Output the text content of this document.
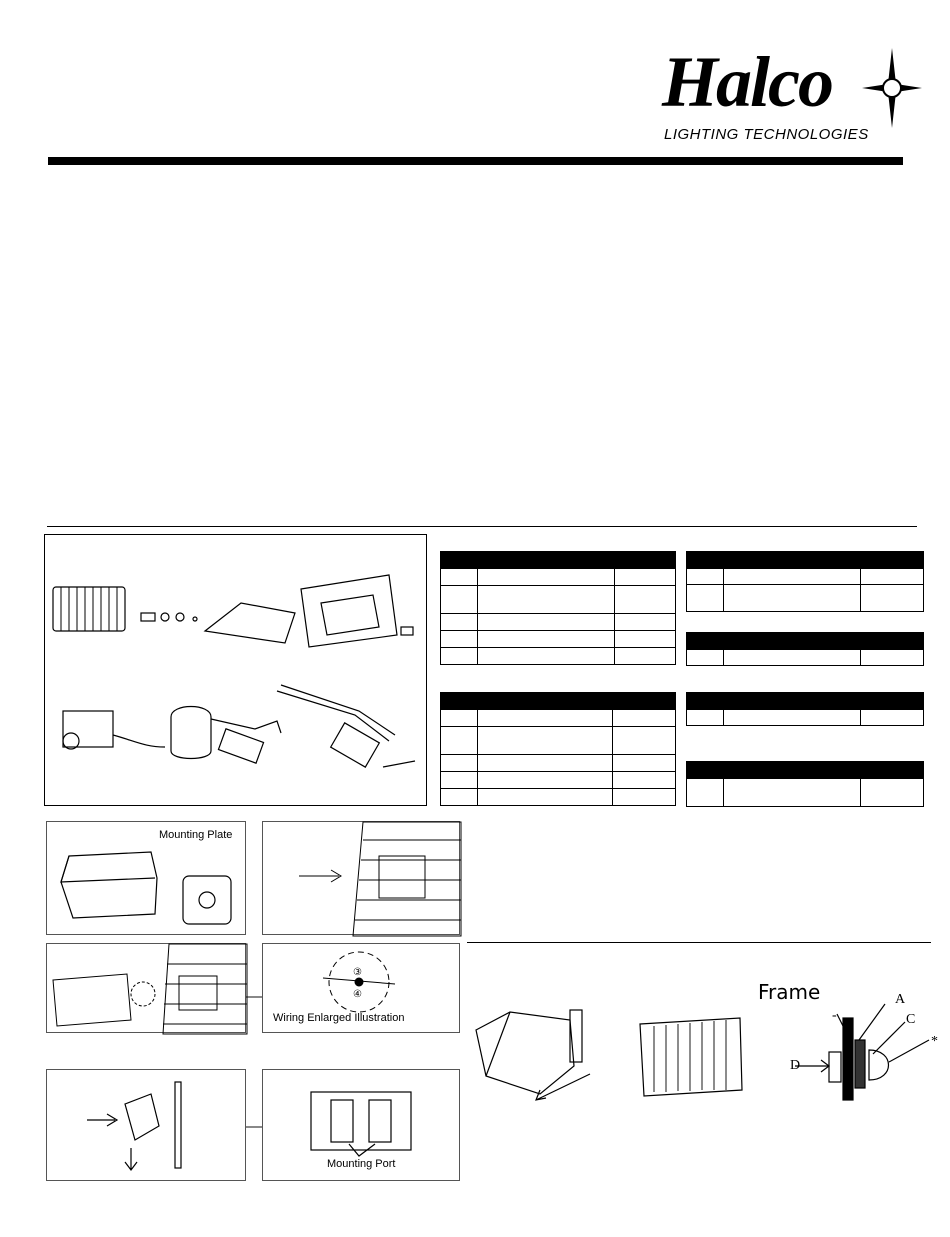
Halco
LIGHTING TECHNOLOGIES

Mounting Plate
③
④
Wiring Enlarged Illustration
Mounting Port
Frame
-
A
C
*
D
